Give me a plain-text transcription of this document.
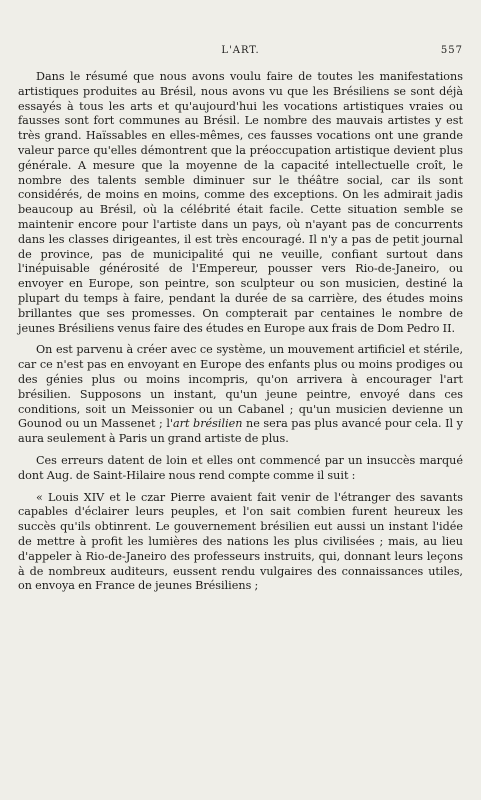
L'ART.	557

Dans le résumé que nous avons voulu faire de toutes les manifestations artistiques produites au Brésil, nous avons vu que les Brésiliens se sont déjà essayés à tous les arts et qu'aujourd'hui les vocations artistiques vraies ou fausses sont fort communes au Brésil. Le nombre des mauvais artistes y est très grand. Haïssables en elles-mêmes, ces fausses vocations ont une grande valeur parce qu'elles démontrent que la préoccupation artistique devient plus générale. A mesure que la moyenne de la capacité intellectuelle croît, le nombre des talents semble diminuer sur le théâtre social, car ils sont considérés, de moins en moins, comme des exceptions. On les admirait jadis beaucoup au Brésil, où la célébrité était facile. Cette situation semble se maintenir encore pour l'artiste dans un pays, où n'ayant pas de concurrents dans les classes dirigeantes, il est très encouragé. Il n'y a pas de petit journal de province, pas de municipalité qui ne veuille, confiant surtout dans l'inépuisable générosité de l'Empereur, pousser vers Rio-de-Janeiro, ou envoyer en Europe, son peintre, son sculpteur ou son musicien, destiné la plupart du temps à faire, pendant la durée de sa carrière, des études moins brillantes que ses promesses. On compterait par centaines le nombre de jeunes Brésiliens venus faire des études en Europe aux frais de Dom Pedro II.

On est parvenu à créer avec ce système, un mouvement artificiel et stérile, car ce n'est pas en envoyant en Europe des enfants plus ou moins prodiges ou des génies plus ou moins incompris, qu'on arrivera à encourager l'art brésilien. Supposons un instant, qu'un jeune peintre, envoyé dans ces conditions, soit un Meissonier ou un Cabanel ; qu'un musicien devienne un Gounod ou un Massenet ; l'art brésilien ne sera pas plus avancé pour cela. Il y aura seulement à Paris un grand artiste de plus.

Ces erreurs datent de loin et elles ont commencé par un insuccès marqué dont Aug. de Saint-Hilaire nous rend compte comme il suit :

« Louis XIV et le czar Pierre avaient fait venir de l'étranger des savants capables d'éclairer leurs peuples, et l'on sait combien furent heureux les succès qu'ils obtinrent. Le gouvernement brésilien eut aussi un instant l'idée de mettre à profit les lumières des nations les plus civilisées ; mais, au lieu d'appeler à Rio-de-Janeiro des professeurs instruits, qui, donnant leurs leçons à de nombreux auditeurs, eussent rendu vulgaires des connaissances utiles, on envoya en France de jeunes Brésiliens ;
